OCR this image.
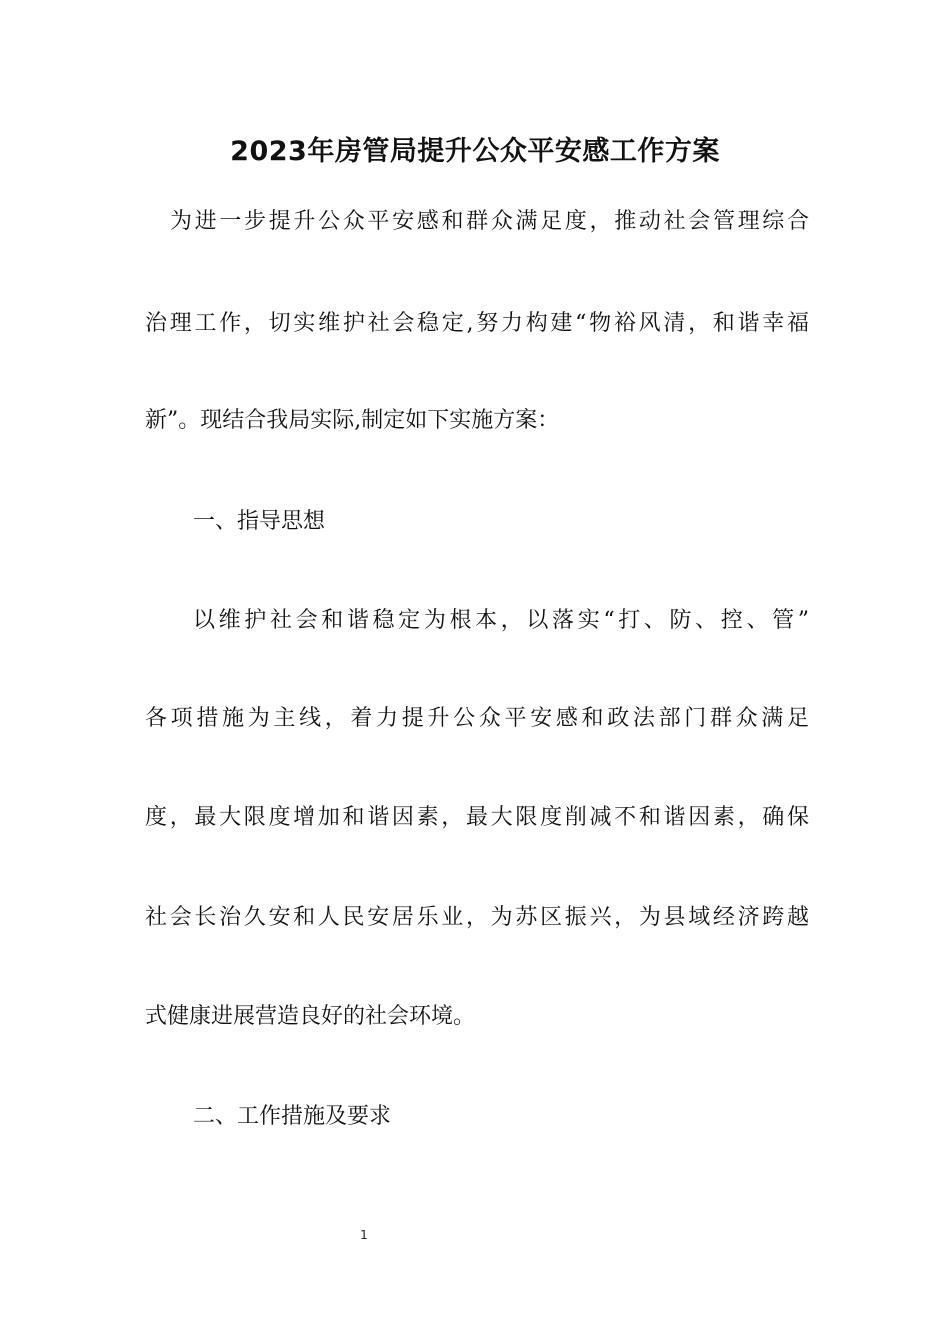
2023年房管局提升公众平安感工作方案
为进一步提升公众平安感和群众满足度，推动社会管理综合
治理工作，切实维护社会稳定,努力构建“物裕风清，和谐幸福
新”。现结合我局实际,制定如下实施方案：
一、指导思想
以维护社会和谐稳定为根本，以落实“打、防、控、管”
各项措施为主线，着力提升公众平安感和政法部门群众满足
度，最大限度增加和谐因素，最大限度削减不和谐因素，确保
社会长治久安和人民安居乐业，为苏区振兴，为县域经济跨越
式健康进展营造良好的社会环境。
二、工作措施及要求
1
